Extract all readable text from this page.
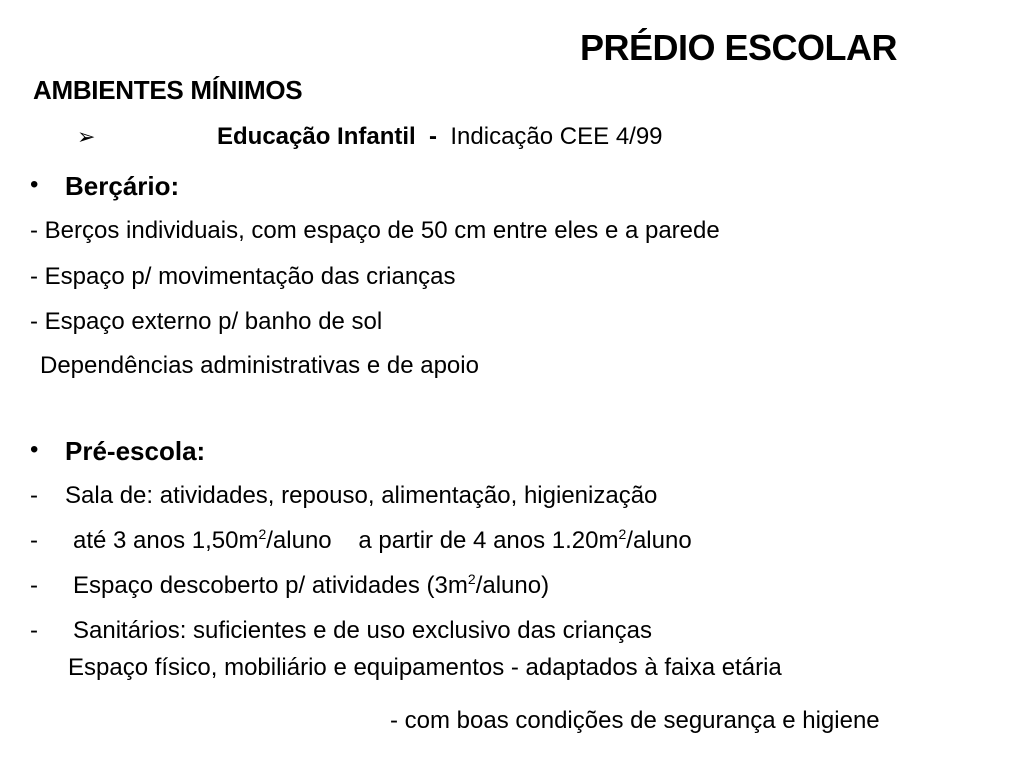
PRÉDIO ESCOLAR
AMBIENTES MÍNIMOS
➢	Educação Infantil - Indicação CEE 4/99
• Berçário:
- Berços individuais, com espaço de 50 cm entre eles e a parede
- Espaço p/ movimentação das crianças
- Espaço externo p/ banho de sol
Dependências administrativas e de apoio
• Pré-escola:
- Sala de: atividades, repouso, alimentação, higienização
- até 3 anos $1,50m^2$/aluno a partir de 4 anos $1.20m^2$/aluno
- Espaço descoberto p/ atividades $(3m^2/aluno)$
- Sanitários: suficientes e de uso exclusivo das crianças
Espaço físico, mobiliário e equipamentos - adaptados à faixa etária
- com boas condições de segurança e higiene
